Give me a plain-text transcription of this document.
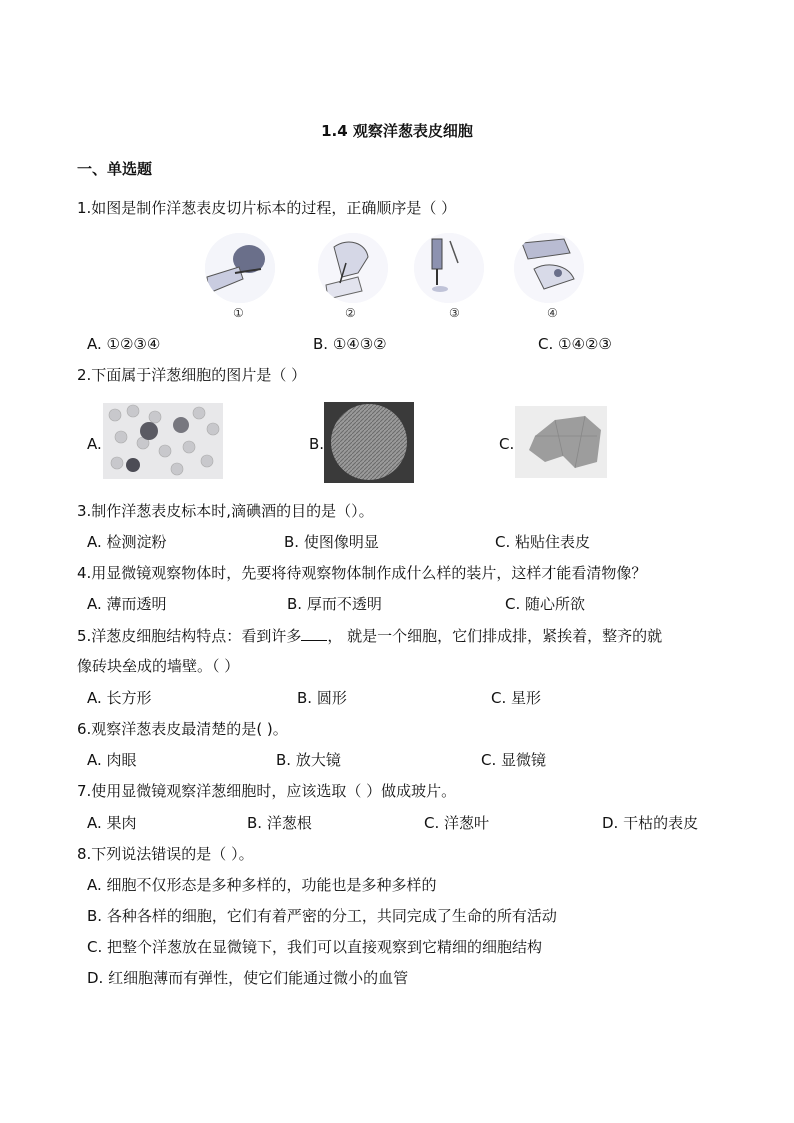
1.4 观察洋葱表皮细胞
一、单选题
1.如图是制作洋葱表皮切片标本的过程，正确顺序是（ ）
①	②	③	④
A. ①②③④	B. ①④③②	C. ①④②③
2.下面属于洋葱细胞的图片是（ ）
A.	B.	C.
3.制作洋葱表皮标本时,滴碘酒的目的是（）。
A. 检测淀粉	B. 使图像明显	C. 粘贴住表皮
4.用显微镜观察物体时，先要将待观察物体制作成什么样的装片，这样才能看清物像？
A. 薄而透明	B. 厚而不透明	C. 随心所欲
5.洋葱皮细胞结构特点：看到许多 ， 就是一个细胞，它们排成排，紧挨着，整齐的就
像砖块垒成的墙壁。（ ）
A. 长方形	B. 圆形	C. 星形
6.观察洋葱表皮最清楚的是( )。
A. 肉眼	B. 放大镜	C. 显微镜
7.使用显微镜观察洋葱细胞时，应该选取（ ）做成玻片。
A. 果肉	B. 洋葱根	C. 洋葱叶	D. 干枯的表皮
8.下列说法错误的是（ ）。
A. 细胞不仅形态是多种多样的，功能也是多种多样的
B. 各种各样的细胞，它们有着严密的分工，共同完成了生命的所有活动
C. 把整个洋葱放在显微镜下，我们可以直接观察到它精细的细胞结构
D. 红细胞薄而有弹性，使它们能通过微小的血管
